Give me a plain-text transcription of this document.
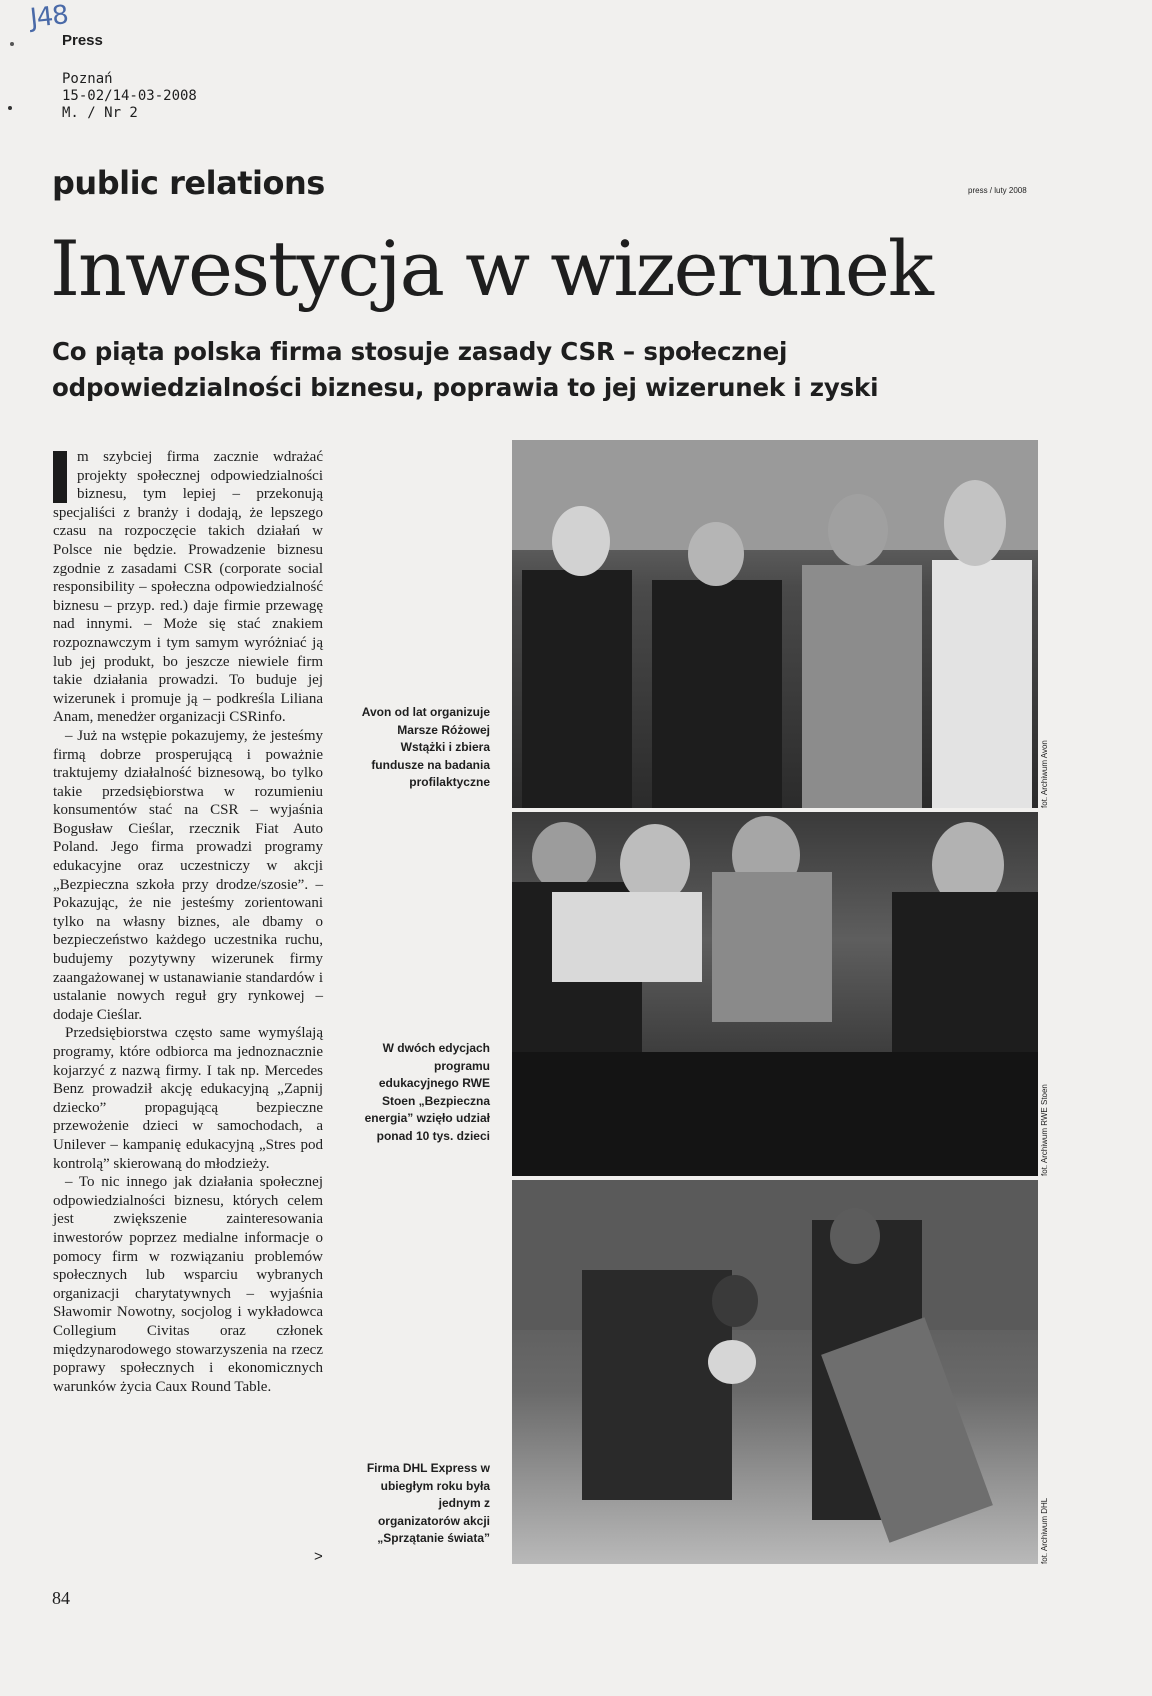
J48
Press
Poznań
15-02/14-03-2008
M. / Nr 2
public relations	press / luty 2008
Inwestycja w wizerunek

Co piąta polska firma stosuje zasady CSR – społecznej odpowiedzialności biznesu, poprawia to jej wizerunek i zyski

m szybciej firma zacznie wdrażać projekty społecznej odpowiedzialności biznesu, tym lepiej – przekonują specjaliści z branży i dodają, że lepszego czasu na rozpoczęcie takich działań w Polsce nie będzie. Prowadzenie biznesu zgodnie z zasadami CSR (corporate social responsibility – społeczna odpowiedzialność biznesu – przyp. red.) daje firmie przewagę nad innymi. – Może się stać znakiem rozpoznawczym i tym samym wyróżniać ją lub jej produkt, bo jeszcze niewiele firm takie działania prowadzi. To buduje jej wizerunek i promuje ją – podkreśla Liliana Anam, menedżer organizacji CSRinfo.

– Już na wstępie pokazujemy, że jesteśmy firmą dobrze prosperującą i poważnie traktujemy działalność biznesową, bo tylko takie przedsiębiorstwa w rozumieniu konsumentów stać na CSR – wyjaśnia Bogusław Cieślar, rzecznik Fiat Auto Poland. Jego firma prowadzi programy edukacyjne oraz uczestniczy w akcji „Bezpieczna szkoła przy drodze/szosie”. – Pokazując, że nie jesteśmy zorientowani tylko na własny biznes, ale dbamy o bezpieczeństwo każdego uczestnika ruchu, budujemy pozytywny wizerunek firmy zaangażowanej w ustanawianie standardów i ustalanie nowych reguł gry rynkowej – dodaje Cieślar.

Przedsiębiorstwa często same wymyślają programy, które odbiorca ma jednoznacznie kojarzyć z nazwą firmy. I tak np. Mercedes Benz prowadził akcję edukacyjną „Zapnij dziecko” propagującą bezpieczne przewożenie dzieci w samochodach, a Unilever – kampanię edukacyjną „Stres pod kontrolą” skierowaną do młodzieży.

– To nic innego jak działania społecznej odpowiedzialności biznesu, których celem jest zwiększenie zainteresowania inwestorów poprzez medialne informacje o pomocy firm w rozwiązaniu problemów społecznych lub wsparciu wybranych organizacji charytatywnych – wyjaśnia Sławomir Nowotny, socjolog i wykładowca Collegium Civitas oraz członek międzynarodowego stowarzyszenia na rzecz poprawy społecznych i ekonomicznych warunków życia Caux Round Table.

>
Avon od lat organizuje Marsze Różowej Wstążki i zbiera fundusze na badania profilaktyczne
W dwóch edycjach programu edukacyjnego RWE Stoen „Bezpieczna energia” wzięło udział ponad 10 tys. dzieci
Firma DHL Express w ubiegłym roku była jednym z organizatorów akcji „Sprzątanie świata”
fot. Archiwum Avon
fot. Archiwum RWE Stoen
fot. Archiwum DHL
84
